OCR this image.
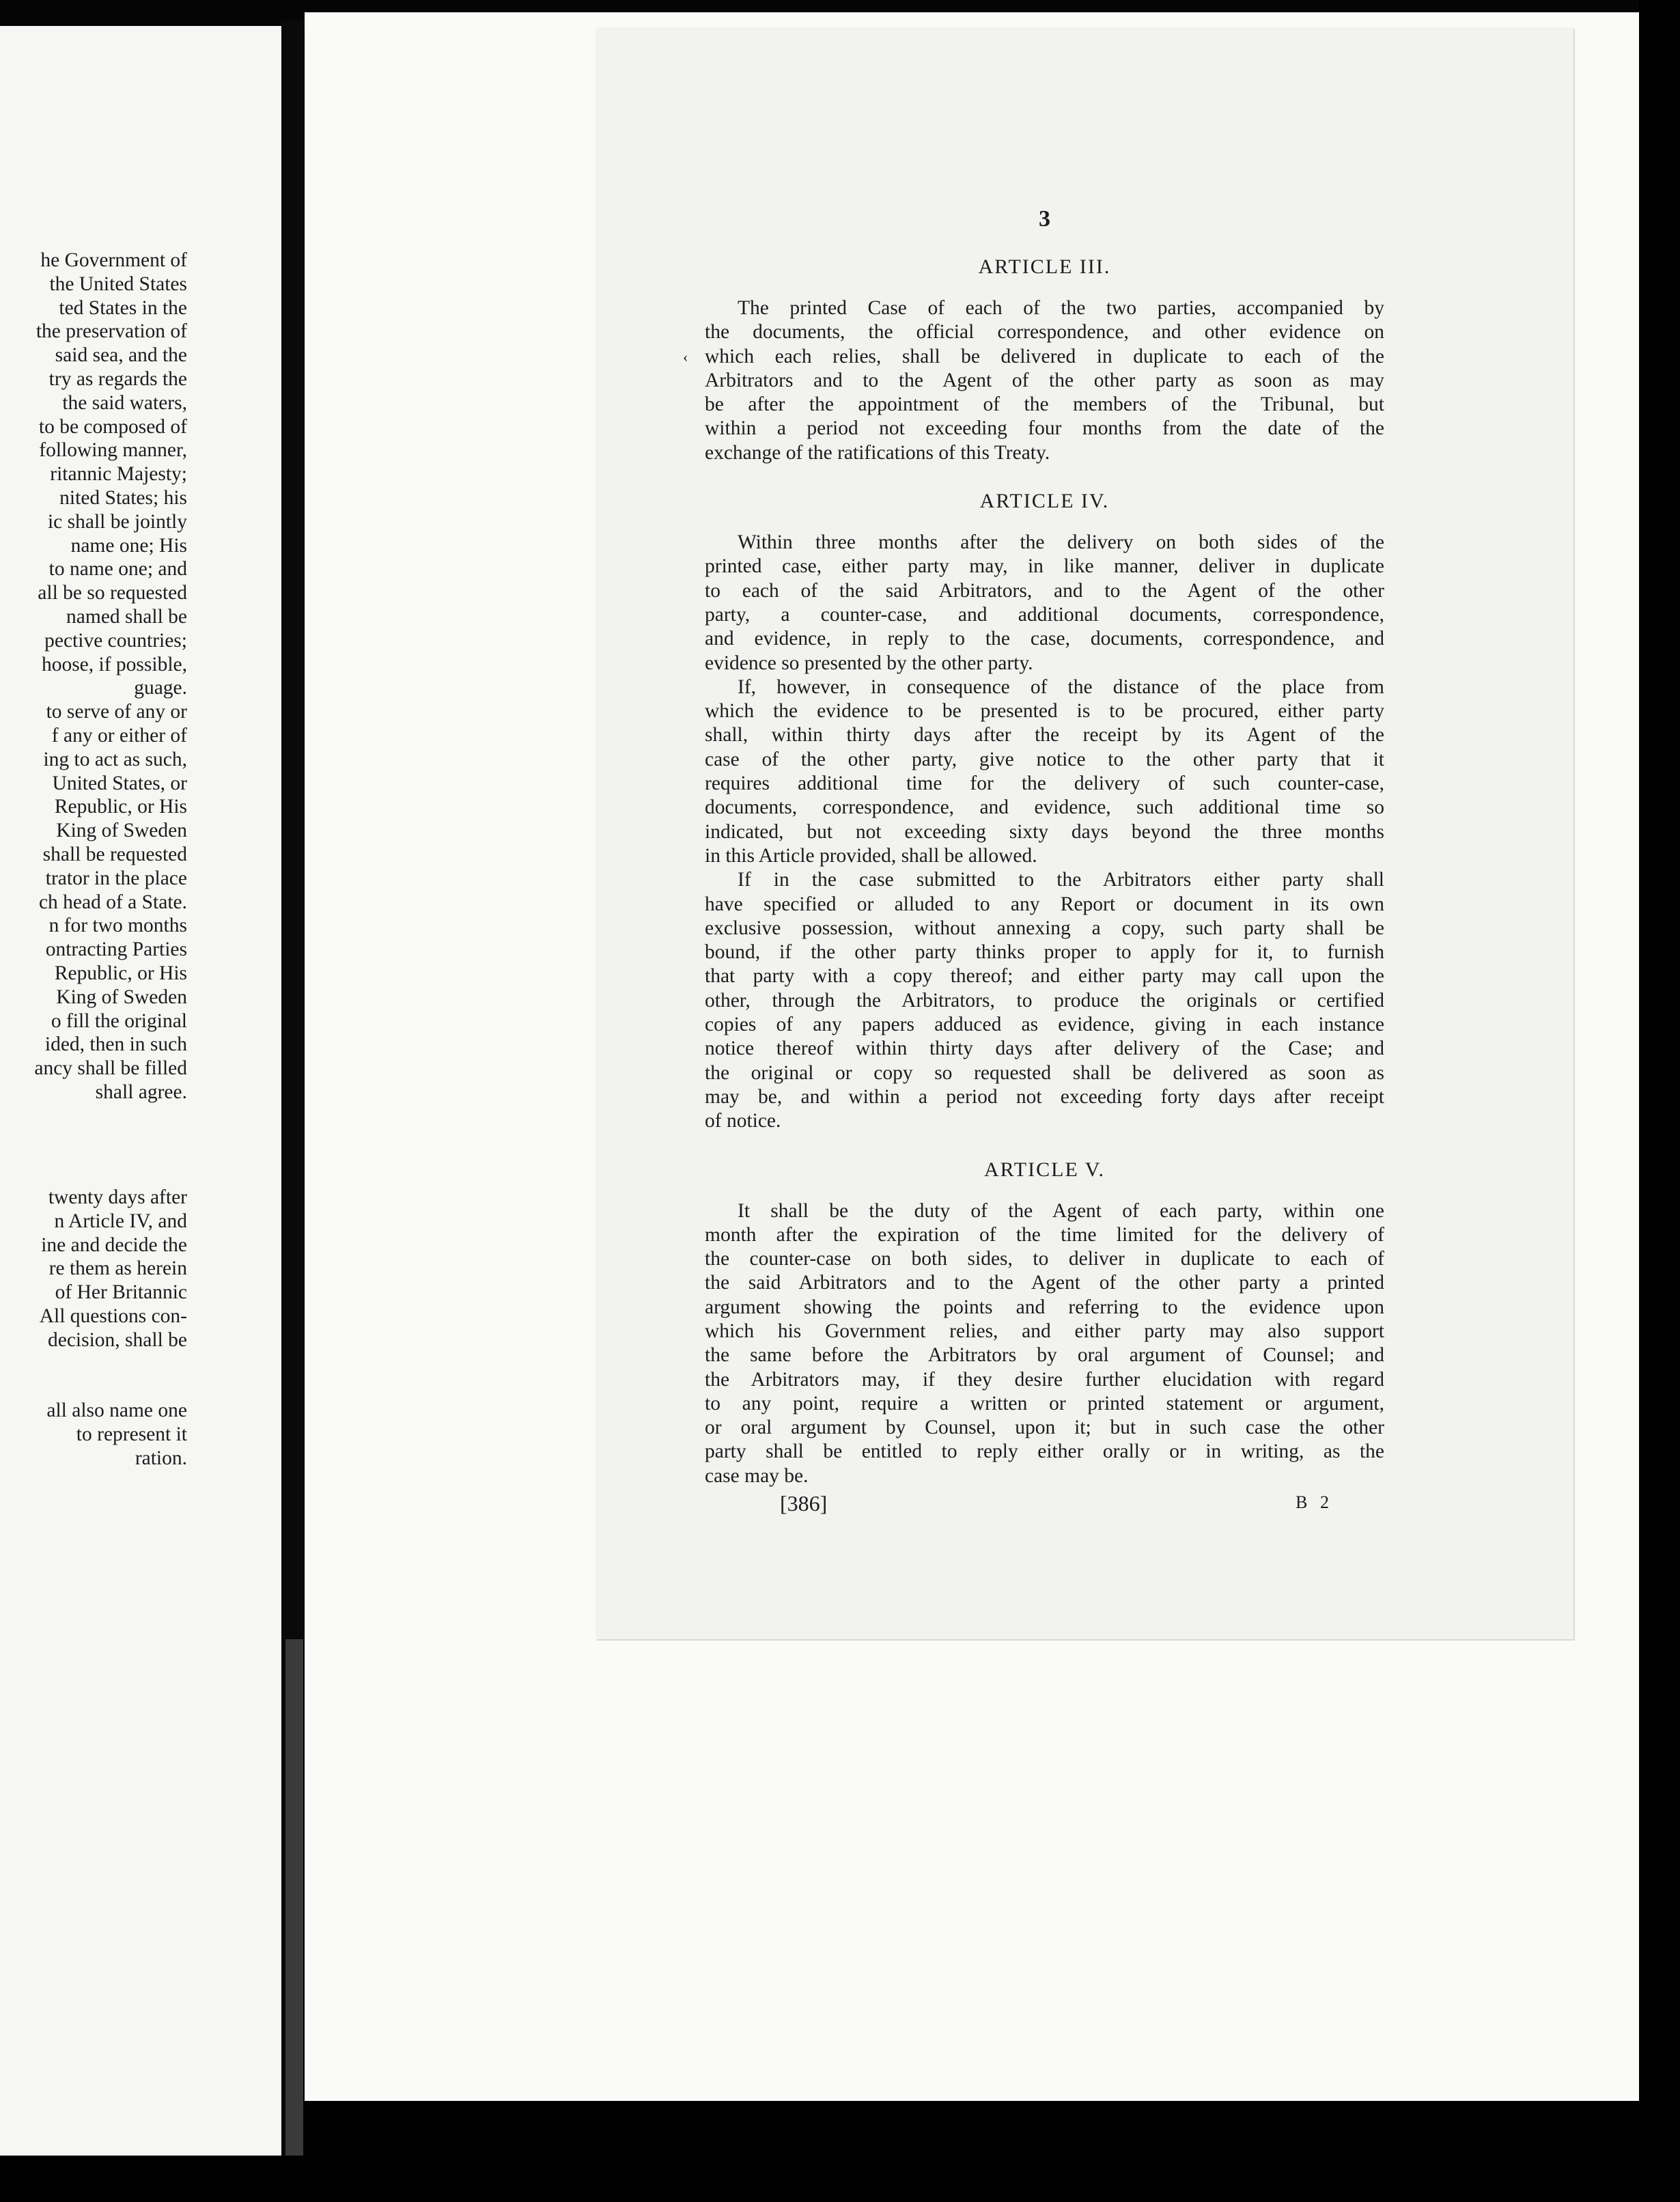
he Government of
the United States
ted States in the
the preservation of
said sea, and the
try as regards the
the said waters,
to be composed of
following manner,
ritannic Majesty;
nited States; his
ic shall be jointly
name one; His
to name one; and
all be so requested
named shall be
pective countries;
hoose, if possible,
guage.
to serve of any or
f any or either of
ing to act as such,
United States, or
Republic, or His
King of Sweden
shall be requested
trator in the place
ch head of a State.
n for two months
ontracting Parties
Republic, or His
King of Sweden
o fill the original
ided, then in such
ancy shall be filled
shall agree.
twenty days after
n Article IV, and
ine and decide the
re them as herein
of Her Britannic
All questions con-
decision, shall be
all also name one
to represent it
ration.
‹
3
ARTICLE III.

The printed Case of each of the two parties, accompanied by
the documents, the official correspondence, and other evidence on
which each relies, shall be delivered in duplicate to each of the
Arbitrators and to the Agent of the other party as soon as may
be after the appointment of the members of the Tribunal, but
within a period not exceeding four months from the date of the
exchange of the ratifications of this Treaty.

ARTICLE IV.

Within three months after the delivery on both sides of the
printed case, either party may, in like manner, deliver in duplicate
to each of the said Arbitrators, and to the Agent of the other
party, a counter-case, and additional documents, correspondence,
and evidence, in reply to the case, documents, correspondence, and
evidence so presented by the other party.

If, however, in consequence of the distance of the place from
which the evidence to be presented is to be procured, either party
shall, within thirty days after the receipt by its Agent of the
case of the other party, give notice to the other party that it
requires additional time for the delivery of such counter-case,
documents, correspondence, and evidence, such additional time so
indicated, but not exceeding sixty days beyond the three months
in this Article provided, shall be allowed.

If in the case submitted to the Arbitrators either party shall
have specified or alluded to any Report or document in its own
exclusive possession, without annexing a copy, such party shall be
bound, if the other party thinks proper to apply for it, to furnish
that party with a copy thereof; and either party may call upon the
other, through the Arbitrators, to produce the originals or certified
copies of any papers adduced as evidence, giving in each instance
notice thereof within thirty days after delivery of the Case; and
the original or copy so requested shall be delivered as soon as
may be, and within a period not exceeding forty days after receipt
of notice.

ARTICLE V.

It shall be the duty of the Agent of each party, within one
month after the expiration of the time limited for the delivery of
the counter-case on both sides, to deliver in duplicate to each of
the said Arbitrators and to the Agent of the other party a printed
argument showing the points and referring to the evidence upon
which his Government relies, and either party may also support
the same before the Arbitrators by oral argument of Counsel; and
the Arbitrators may, if they desire further elucidation with regard
to any point, require a written or printed statement or argument,
or oral argument by Counsel, upon it; but in such case the other
party shall be entitled to reply either orally or in writing, as the
case may be.

[386]	B 2
